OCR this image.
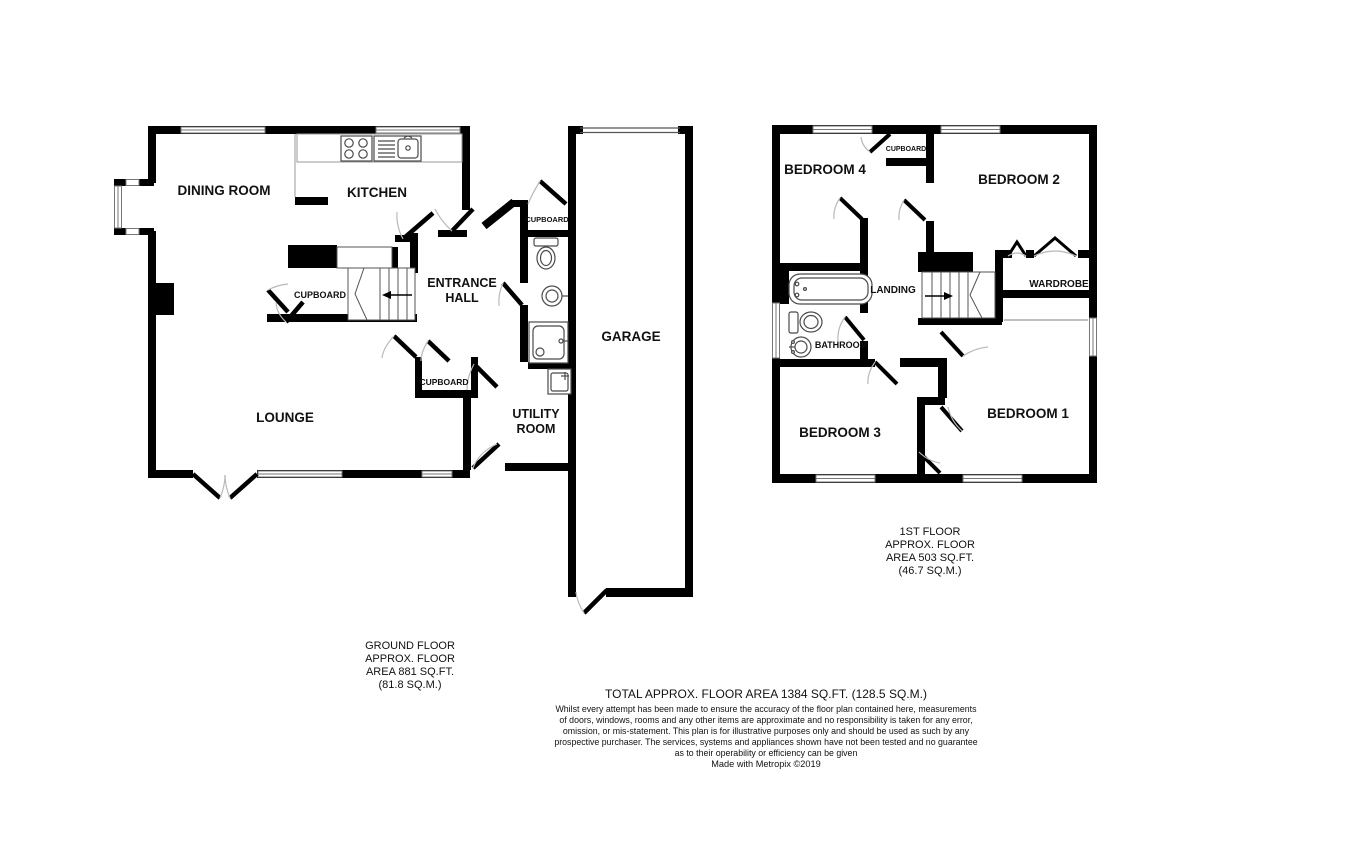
DINING ROOM	KITCHEN
ENTRANCE
HALL
CUPBOARD
CUPBOARD
CUPBOARD
LOUNGE	UTILITY
ROOM
GARAGE
BEDROOM 4
BEDROOM 2
CUPBOARD
LANDING
WARDROBE
BATHROOM
BEDROOM 3
BEDROOM 1
GROUND FLOOR
APPROX. FLOOR
AREA 881 SQ.FT.
(81.8 SQ.M.)
1ST FLOOR
APPROX. FLOOR
AREA 503 SQ.FT.
(46.7 SQ.M.)
TOTAL APPROX. FLOOR AREA 1384 SQ.FT. (128.5 SQ.M.)
Whilst every attempt has been made to ensure the accuracy of the floor plan contained here, measurements
of doors, windows, rooms and any other items are approximate and no responsibility is taken for any error,
omission, or mis-statement. This plan is for illustrative purposes only and should be used as such by any
prospective purchaser. The services, systems and appliances shown have not been tested and no guarantee
as to their operability or efficiency can be given
Made with Metropix ©2019
